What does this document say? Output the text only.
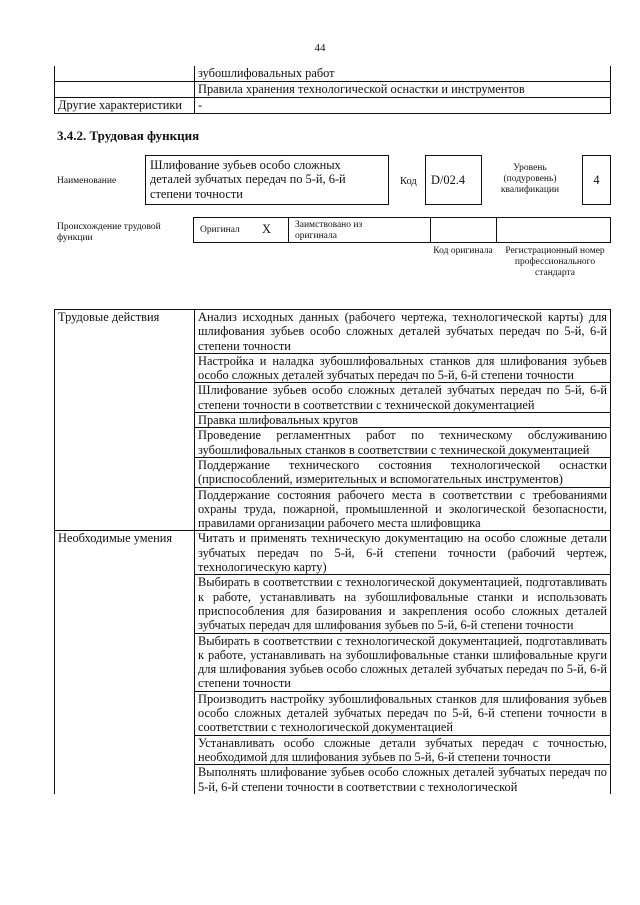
44
	зубошлифовальных работ
	Правила хранения технологической оснастки и инструментов
Другие характеристики	-
3.4.2. Трудовая функция
Наименование
Шлифование зубьев особо сложных деталей зубчатых передач по 5-й, 6-й степени точности
Код	D/02.4
Уровень (подуровень) квалификации
4
Происхождение трудовой функции
Оригинал X	Заимствовано из оригинала
Код оригинала	Регистрационный номер профессионального стандарта
Трудовые действия	Анализ исходных данных (рабочего чертежа, технологической карты) для шлифования зубьев особо сложных деталей зубчатых передач по 5-й, 6-й степени точности
	Настройка и наладка зубошлифовальных станков для шлифования зубьев особо сложных деталей зубчатых передач по 5-й, 6-й степени точности
	Шлифование зубьев особо сложных деталей зубчатых передач по 5-й, 6-й степени точности в соответствии с технической документацией
	Правка шлифовальных кругов
	Проведение регламентных работ по техническому обслуживанию зубошлифовальных станков в соответствии с технической документацией
	Поддержание технического состояния технологической оснастки (приспособлений, измерительных и вспомогательных инструментов)
	Поддержание состояния рабочего места в соответствии с требованиями охраны труда, пожарной, промышленной и экологической безопасности, правилами организации рабочего места шлифовщика
Необходимые умения	Читать и применять техническую документацию на особо сложные детали зубчатых передач по 5-й, 6-й степени точности (рабочий чертеж, технологическую карту)
	Выбирать в соответствии с технологической документацией, подготавливать к работе, устанавливать на зубошлифовальные станки и использовать приспособления для базирования и закрепления особо сложных деталей зубчатых передач для шлифования зубьев по 5-й, 6-й степени точности
	Выбирать в соответствии с технологической документацией, подготавливать к работе, устанавливать на зубошлифовальные станки шлифовальные круги для шлифования зубьев особо сложных деталей зубчатых передач по 5-й, 6-й степени точности
	Производить настройку зубошлифовальных станков для шлифования зубьев особо сложных деталей зубчатых передач по 5-й, 6-й степени точности в соответствии с технологической документацией
	Устанавливать особо сложные детали зубчатых передач с точностью, необходимой для шлифования зубьев по 5-й, 6-й степени точности
	Выполнять шлифование зубьев особо сложных деталей зубчатых передач по 5-й, 6-й степени точности в соответствии с технологической
